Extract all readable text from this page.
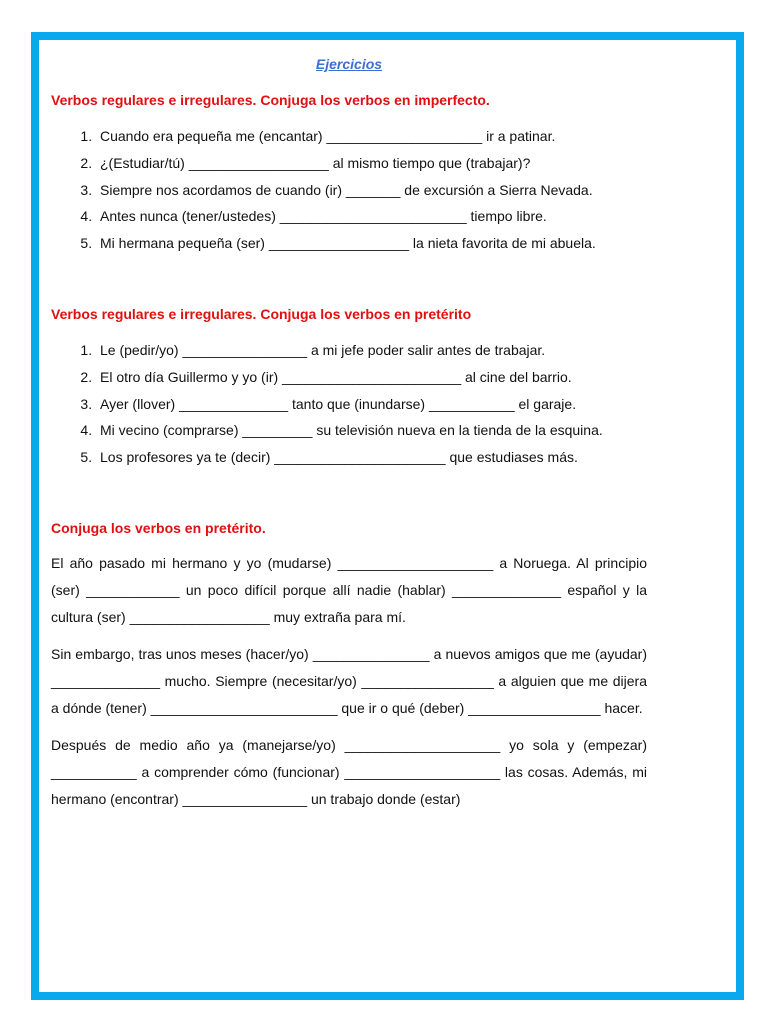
Ejercicios

Verbos regulares e irregulares. Conjuga los verbos en imperfecto.

1. Cuando era pequeña me (encantar) ____________________ ir a patinar.
2. ¿(Estudiar/tú) __________________ al mismo tiempo que (trabajar)?
3. Siempre nos acordamos de cuando (ir) _______ de excursión a Sierra Nevada.
4. Antes nunca (tener/ustedes) ________________________ tiempo libre.
5. Mi hermana pequeña (ser) __________________ la nieta favorita de mi abuela.

Verbos regulares e irregulares. Conjuga los verbos en pretérito

1. Le (pedir/yo) ________________ a mi jefe poder salir antes de trabajar.
2. El otro día Guillermo y yo (ir) _______________________ al cine del barrio.
3. Ayer (llover) ______________ tanto que (inundarse) ___________ el garaje.
4. Mi vecino (comprarse) _________ su televisión nueva en la tienda de la esquina.
5. Los profesores ya te (decir) ______________________ que estudiases más.

Conjuga los verbos en pretérito.

El año pasado mi hermano y yo (mudarse) ____________________ a Noruega. Al principio (ser) ____________ un poco difícil porque allí nadie (hablar) ______________ español y la cultura (ser) __________________ muy extraña para mí.

Sin embargo, tras unos meses (hacer/yo) _______________ a nuevos amigos que me (ayudar) ______________ mucho. Siempre (necesitar/yo) _________________ a alguien que me dijera a dónde (tener) ________________________ que ir o qué (deber) _________________ hacer.

Después de medio año ya (manejarse/yo) ____________________ yo sola y (empezar) ___________ a comprender cómo (funcionar) ____________________ las cosas. Además, mi hermano (encontrar) ________________ un trabajo donde (estar)
